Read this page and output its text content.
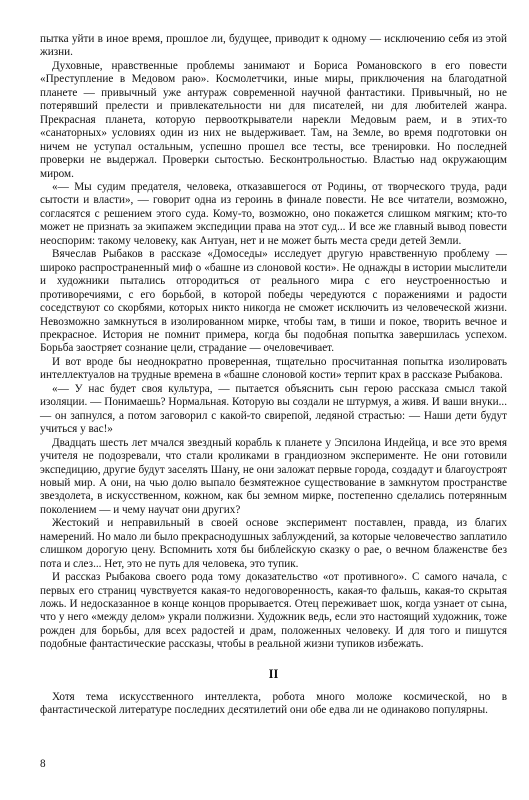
пытка уйти в иное время, прошлое ли, будущее, приводит к одному — исключению себя из этой жизни.

Духовные, нравственные проблемы занимают и Бориса Романовского в его повести «Преступление в Медовом раю». Космолетчики, иные миры, приключения на благодатной планете — привычный уже антураж современной научной фантастики. Привычный, но не потерявший прелести и привлекательности ни для писателей, ни для любителей жанра. Прекрасная планета, которую первооткрыватели нарекли Медовым раем, и в этих-то «санаторных» условиях один из них не выдерживает. Там, на Земле, во время подготовки он ничем не уступал остальным, успешно прошел все тесты, все тренировки. Но последней проверки не выдержал. Проверки сытостью. Бесконтрольностью. Властью над окружающим миром.

«— Мы судим предателя, человека, отказавшегося от Родины, от творческого труда, ради сытости и власти», — говорит одна из героинь в финале повести. Не все читатели, возможно, согласятся с решением этого суда. Кому-то, возможно, оно покажется слишком мягким; кто-то может не признать за экипажем экспедиции права на этот суд... И все же главный вывод повести неоспорим: такому человеку, как Антуан, нет и не может быть места среди детей Земли.

Вячеслав Рыбаков в рассказе «Домоседы» исследует другую нравственную проблему — широко распространенный миф о «башне из слоновой кости». Не однажды в истории мыслители и художники пытались отгородиться от реального мира с его неустроенностью и противоречиями, с его борьбой, в которой победы чередуются с поражениями и радости соседствуют со скорбями, которых никто никогда не сможет исключить из человеческой жизни. Невозможно замкнуться в изолированном мирке, чтобы там, в тиши и покое, творить вечное и прекрасное. История не помнит примера, когда бы подобная попытка завершилась успехом. Борьба заостряет сознание цели, страдание — очеловечивает.

И вот вроде бы неоднократно проверенная, тщательно просчитанная попытка изолировать интеллектуалов на трудные времена в «башне слоновой кости» терпит крах в рассказе Рыбакова.

«— У нас будет своя культура, — пытается объяснить сын герою рассказа смысл такой изоляции. — Понимаешь? Нормальная. Которую вы создали не штурмуя, а живя. И ваши внуки... — он запнулся, а потом заговорил с какой-то свирепой, ледяной страстью: — Наши дети будут учиться у вас!»

Двадцать шесть лет мчался звездный корабль к планете у Эпсилона Индейца, и все это время учителя не подозревали, что стали кроликами в грандиозном эксперименте. Не они готовили экспедицию, другие будут заселять Шану, не они заложат первые города, создадут и благоустроят новый мир. А они, на чью долю выпало безмятежное существование в замкнутом пространстве звездолета, в искусственном, кожном, как бы земном мирке, постепенно сделались потерянным поколением — и чему научат они других?

Жестокий и неправильный в своей основе эксперимент поставлен, правда, из благих намерений. Но мало ли было прекраснодушных заблуждений, за которые человечество заплатило слишком дорогую цену. Вспомнить хотя бы библейскую сказку о рае, о вечном блаженстве без пота и слез... Нет, это не путь для человека, это тупик.

И рассказ Рыбакова своего рода тому доказательство «от противного». С самого начала, с первых его страниц чувствуется какая-то недоговоренность, какая-то фальшь, какая-то скрытая ложь. И недосказанное в конце концов прорывается. Отец переживает шок, когда узнает от сына, что у него «между делом» украли полжизни. Художник ведь, если это настоящий художник, тоже рожден для борьбы, для всех радостей и драм, положенных человеку. И для того и пишутся подобные фантастические рассказы, чтобы в реальной жизни тупиков избежать.

II

Хотя тема искусственного интеллекта, робота много моложе космической, но в фантастической литературе последних десятилетий они обе едва ли не одинаково популярны.

8
